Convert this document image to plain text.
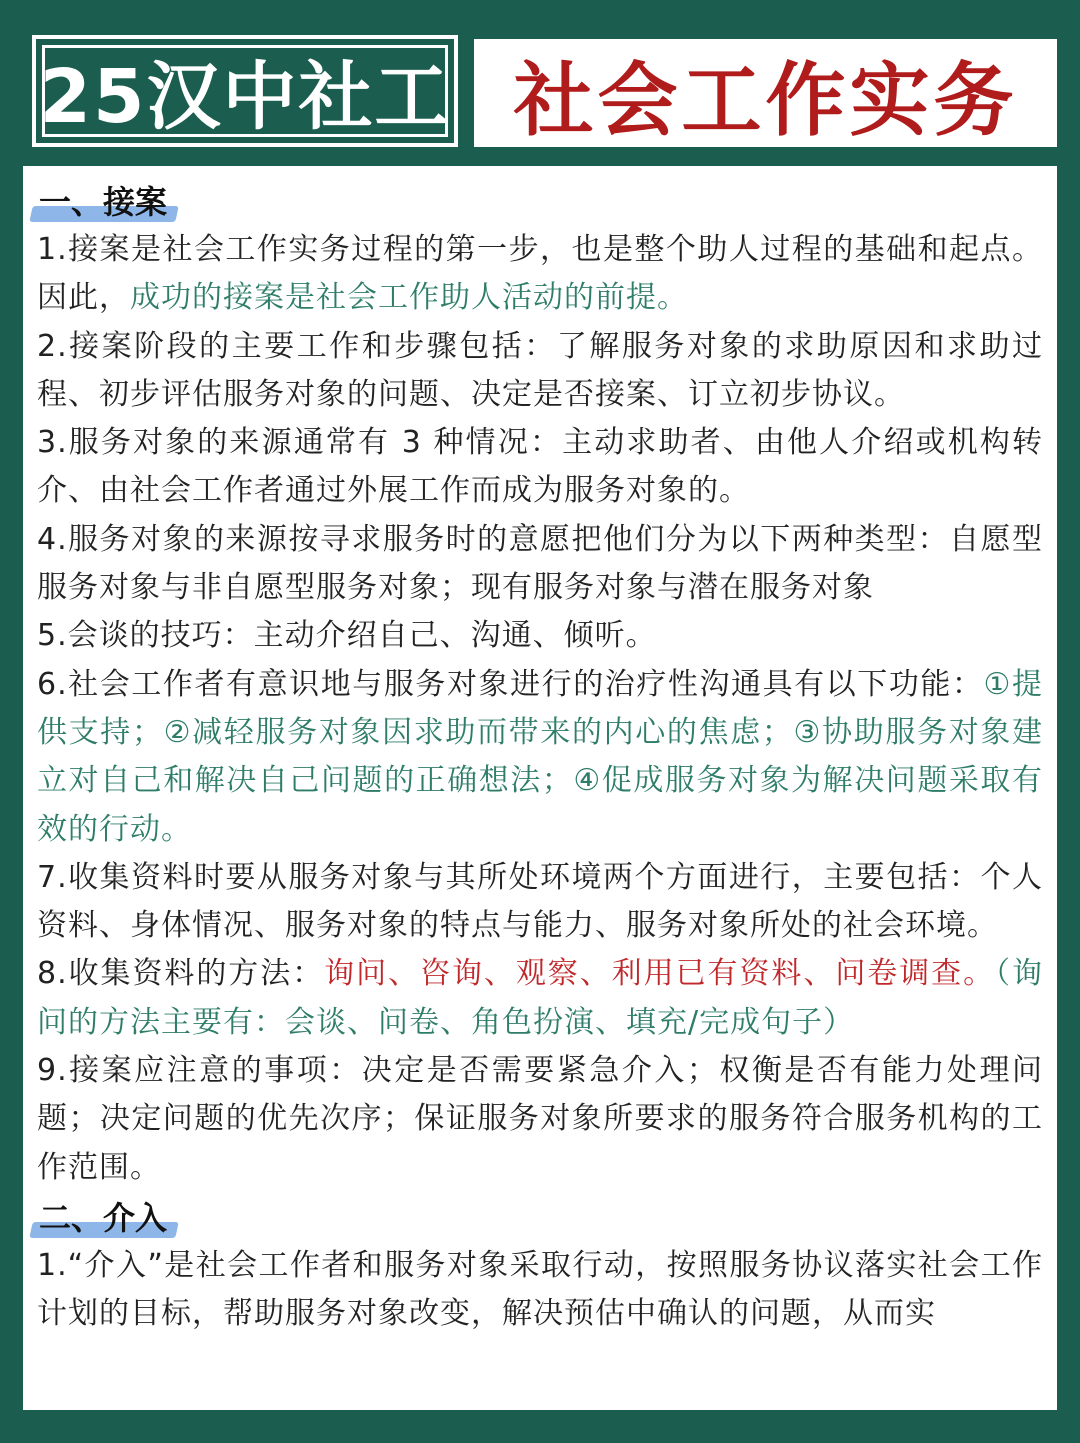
25汉中社工 社会工作实务
一、接案

1.接案是社会工作实务过程的第一步，也是整个助人过程的基础和起点。因此，成功的接案是社会工作助人活动的前提。

2.接案阶段的主要工作和步骤包括：了解服务对象的求助原因和求助过程、初步评估服务对象的问题、决定是否接案、订立初步协议。

3.服务对象的来源通常有 3 种情况：主动求助者、由他人介绍或机构转介、由社会工作者通过外展工作而成为服务对象的。

4.服务对象的来源按寻求服务时的意愿把他们分为以下两种类型：自愿型服务对象与非自愿型服务对象；现有服务对象与潜在服务对象

5.会谈的技巧：主动介绍自己、沟通、倾听。

6.社会工作者有意识地与服务对象进行的治疗性沟通具有以下功能：①提供支持；②减轻服务对象因求助而带来的内心的焦虑；③协助服务对象建立对自己和解决自己问题的正确想法；④促成服务对象为解决问题采取有效的行动。

7.收集资料时要从服务对象与其所处环境两个方面进行，主要包括：个人资料、身体情况、服务对象的特点与能力、服务对象所处的社会环境。

8.收集资料的方法：询问、咨询、观察、利用已有资料、问卷调查。（询问的方法主要有：会谈、问卷、角色扮演、填充/完成句子）

9.接案应注意的事项：决定是否需要紧急介入；权衡是否有能力处理问题；决定问题的优先次序；保证服务对象所要求的服务符合服务机构的工作范围。

二、介入

1.“介入”是社会工作者和服务对象采取行动，按照服务协议落实社会工作计划的目标，帮助服务对象改变，解决预估中确认的问题，从而实
